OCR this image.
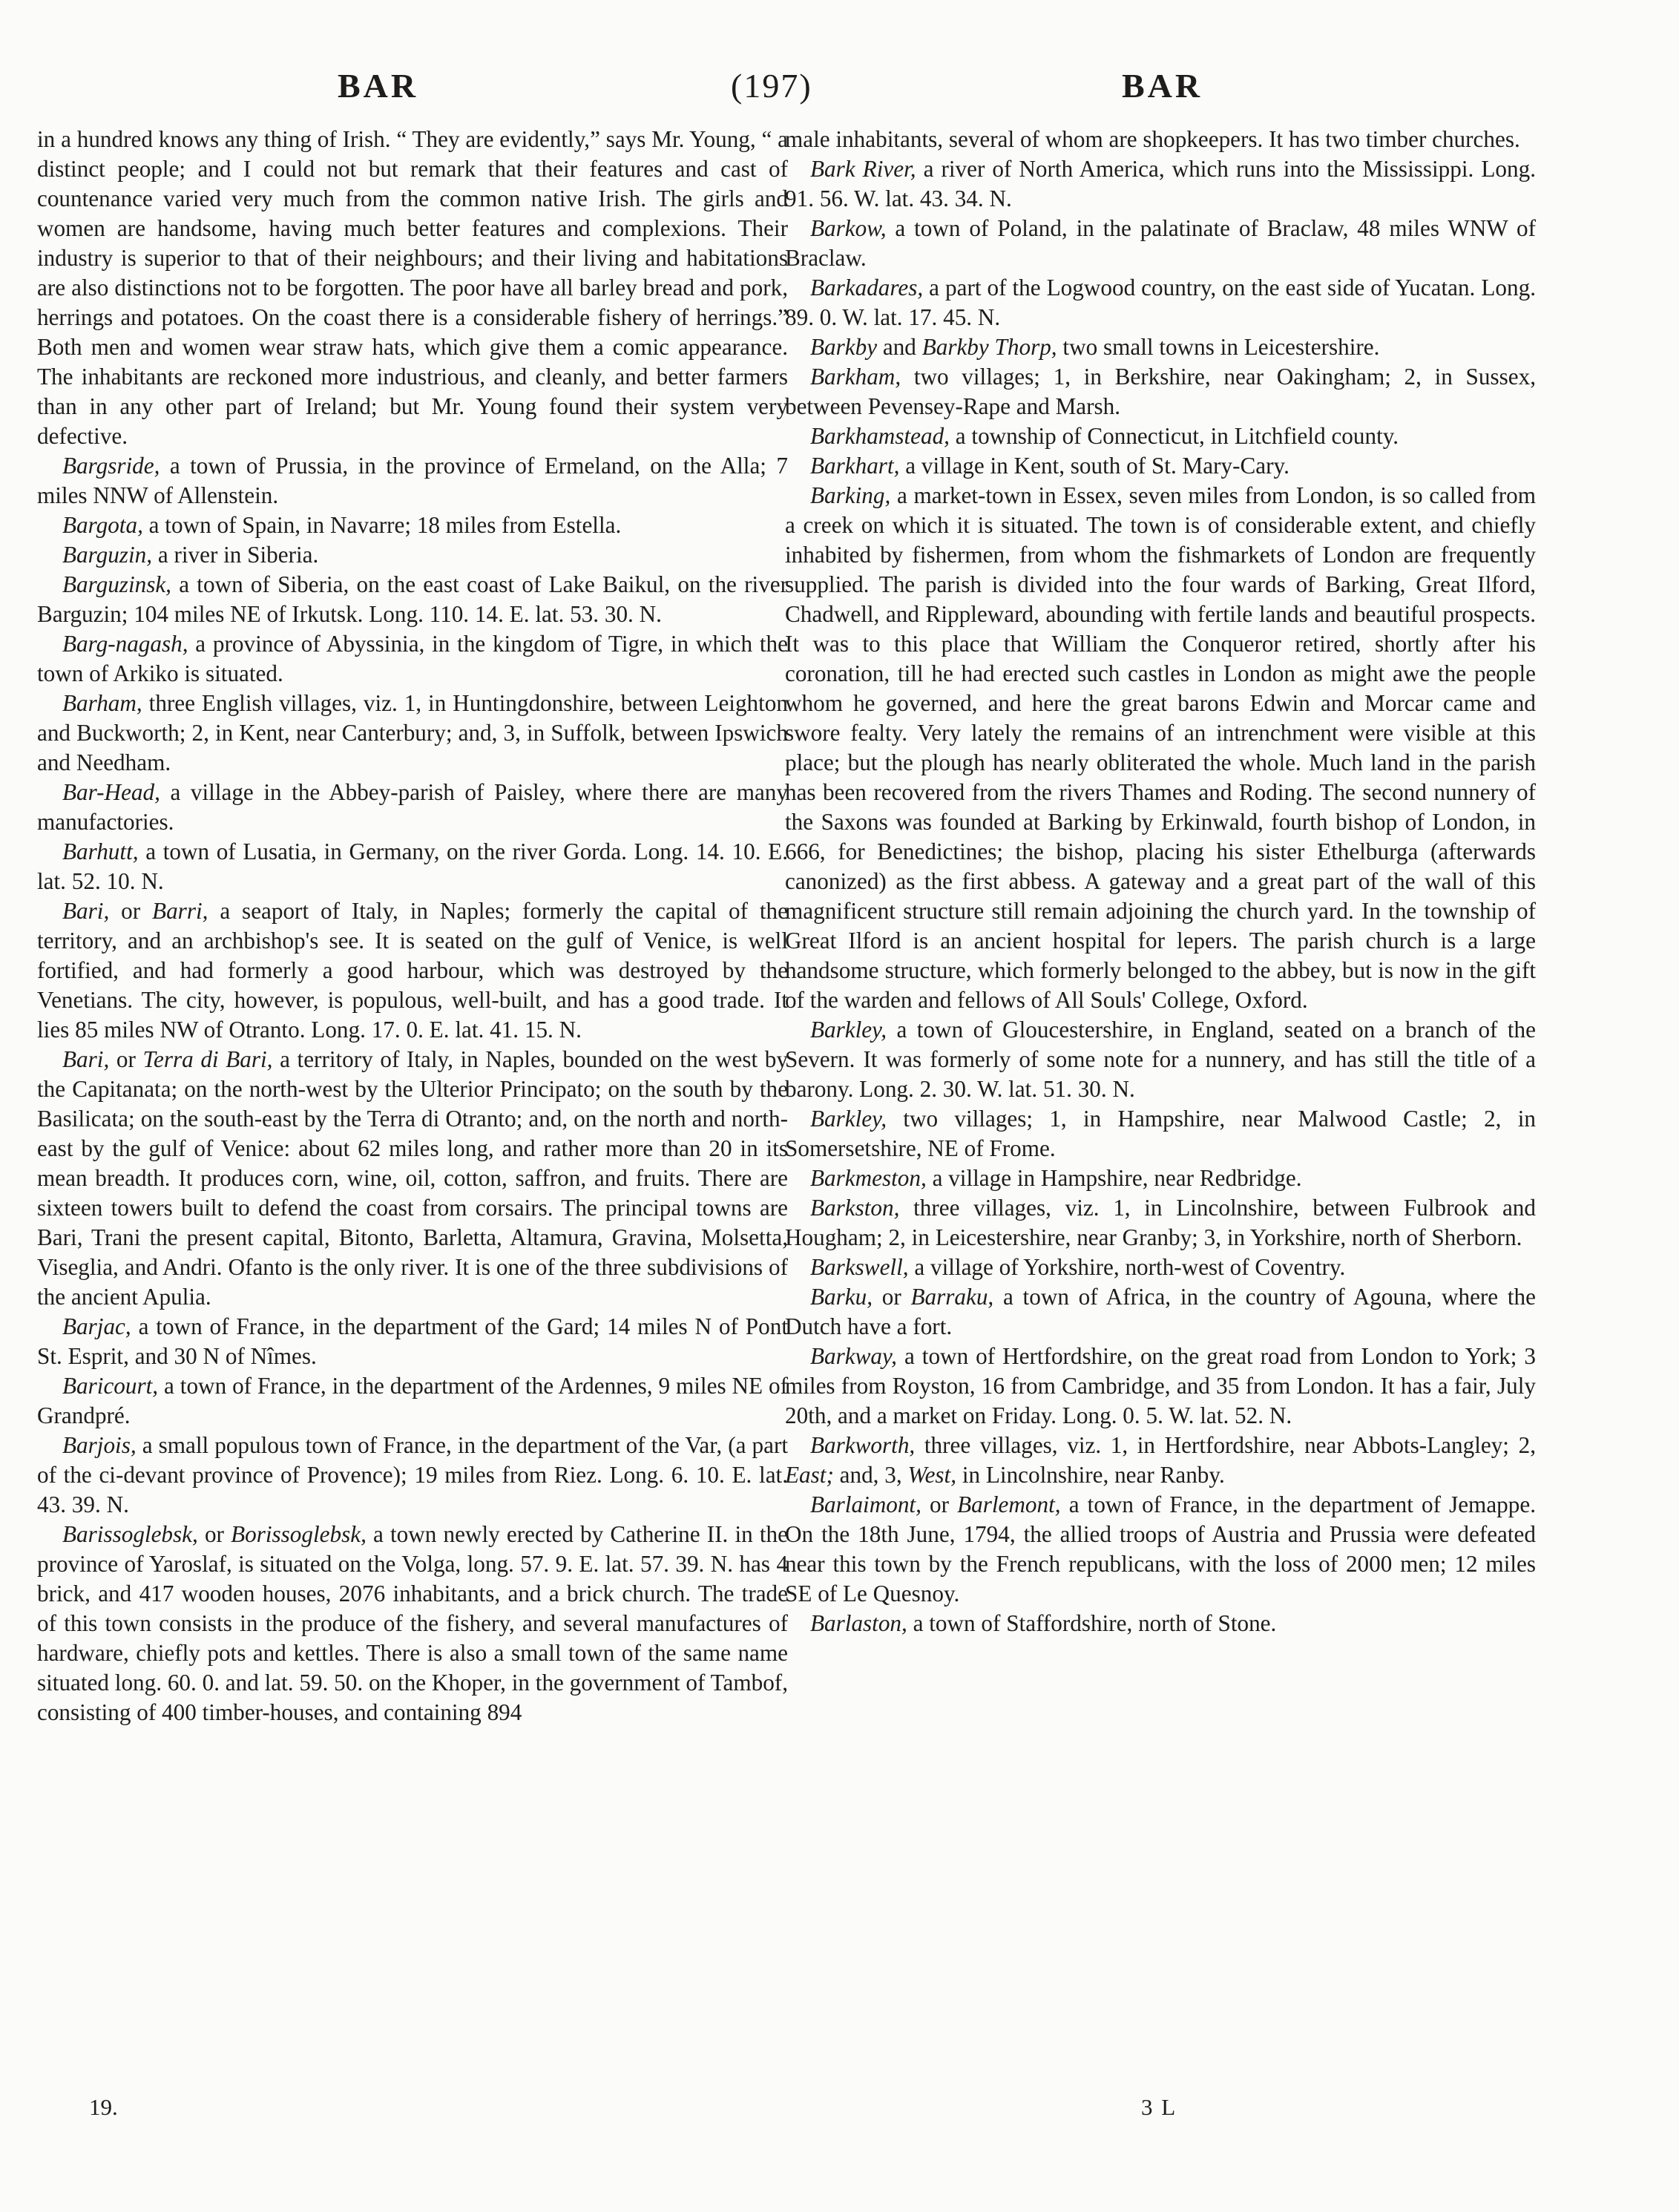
BAR	(197)	BAR

in a hundred knows any thing of Irish. “ They are evidently,” says Mr. Young, “ a distinct people; and I could not but remark that their features and cast of countenance varied very much from the common native Irish. The girls and women are handsome, having much better features and complexions. Their industry is superior to that of their neighbours; and their living and habitations are also distinctions not to be forgotten. The poor have all barley bread and pork, herrings and potatoes. On the coast there is a considerable fishery of herrings.” Both men and women wear straw hats, which give them a comic appearance. The inhabitants are reckoned more industrious, and cleanly, and better farmers than in any other part of Ireland; but Mr. Young found their system very defective.

Bargsride, a town of Prussia, in the province of Ermeland, on the Alla; 7 miles NNW of Allenstein.

Bargota, a town of Spain, in Navarre; 18 miles from Estella.

Barguzin, a river in Siberia.

Barguzinsk, a town of Siberia, on the east coast of Lake Baikul, on the river Barguzin; 104 miles NE of Irkutsk. Long. 110. 14. E. lat. 53. 30. N.

Barg-nagash, a province of Abyssinia, in the kingdom of Tigre, in which the town of Arkiko is situated.

Barham, three English villages, viz. 1, in Huntingdonshire, between Leighton and Buckworth; 2, in Kent, near Canterbury; and, 3, in Suffolk, between Ipswich and Needham.

Bar-Head, a village in the Abbey-parish of Paisley, where there are many manufactories.

Barhutt, a town of Lusatia, in Germany, on the river Gorda. Long. 14. 10. E. lat. 52. 10. N.

Bari, or Barri, a seaport of Italy, in Naples; formerly the capital of the territory, and an archbishop's see. It is seated on the gulf of Venice, is well fortified, and had formerly a good harbour, which was destroyed by the Venetians. The city, however, is populous, well-built, and has a good trade. It lies 85 miles NW of Otranto. Long. 17. 0. E. lat. 41. 15. N.

Bari, or Terra di Bari, a territory of Italy, in Naples, bounded on the west by the Capitanata; on the north-west by the Ulterior Principato; on the south by the Basilicata; on the south-east by the Terra di Otranto; and, on the north and north-east by the gulf of Venice: about 62 miles long, and rather more than 20 in its mean breadth. It produces corn, wine, oil, cotton, saffron, and fruits. There are sixteen towers built to defend the coast from corsairs. The principal towns are Bari, Trani the present capital, Bitonto, Barletta, Altamura, Gravina, Molsetta, Viseglia, and Andri. Ofanto is the only river. It is one of the three subdivisions of the ancient Apulia.

Barjac, a town of France, in the department of the Gard; 14 miles N of Pont St. Esprit, and 30 N of Nîmes.

Baricourt, a town of France, in the department of the Ardennes, 9 miles NE of Grandpré.

Barjois, a small populous town of France, in the department of the Var, (a part of the ci-devant province of Provence); 19 miles from Riez. Long. 6. 10. E. lat. 43. 39. N.

Barissoglebsk, or Borissoglebsk, a town newly erected by Catherine II. in the province of Yaroslaf, is situated on the Volga, long. 57. 9. E. lat. 57. 39. N. has 4 brick, and 417 wooden houses, 2076 inhabitants, and a brick church. The trade of this town consists in the produce of the fishery, and several manufactures of hardware, chiefly pots and kettles. There is also a small town of the same name situated long. 60. 0. and lat. 59. 50. on the Khoper, in the government of Tambof, consisting of 400 timber-houses, and containing 894

male inhabitants, several of whom are shopkeepers. It has two timber churches.

Bark River, a river of North America, which runs into the Mississippi. Long. 91. 56. W. lat. 43. 34. N.

Barkow, a town of Poland, in the palatinate of Braclaw, 48 miles WNW of Braclaw.

Barkadares, a part of the Logwood country, on the east side of Yucatan. Long. 89. 0. W. lat. 17. 45. N.

Barkby and Barkby Thorp, two small towns in Leicestershire.

Barkham, two villages; 1, in Berkshire, near Oakingham; 2, in Sussex, between Pevensey-Rape and Marsh.

Barkhamstead, a township of Connecticut, in Litchfield county.

Barkhart, a village in Kent, south of St. Mary-Cary.

Barking, a market-town in Essex, seven miles from London, is so called from a creek on which it is situated. The town is of considerable extent, and chiefly inhabited by fishermen, from whom the fishmarkets of London are frequently supplied. The parish is divided into the four wards of Barking, Great Ilford, Chadwell, and Rippleward, abounding with fertile lands and beautiful prospects. It was to this place that William the Conqueror retired, shortly after his coronation, till he had erected such castles in London as might awe the people whom he governed, and here the great barons Edwin and Morcar came and swore fealty. Very lately the remains of an intrenchment were visible at this place; but the plough has nearly obliterated the whole. Much land in the parish has been recovered from the rivers Thames and Roding. The second nunnery of the Saxons was founded at Barking by Erkinwald, fourth bishop of London, in 666, for Benedictines; the bishop, placing his sister Ethelburga (afterwards canonized) as the first abbess. A gateway and a great part of the wall of this magnificent structure still remain adjoining the church yard. In the township of Great Ilford is an ancient hospital for lepers. The parish church is a large handsome structure, which formerly belonged to the abbey, but is now in the gift of the warden and fellows of All Souls' College, Oxford.

Barkley, a town of Gloucestershire, in England, seated on a branch of the Severn. It was formerly of some note for a nunnery, and has still the title of a barony. Long. 2. 30. W. lat. 51. 30. N.

Barkley, two villages; 1, in Hampshire, near Malwood Castle; 2, in Somersetshire, NE of Frome.

Barkmeston, a village in Hampshire, near Redbridge.

Barkston, three villages, viz. 1, in Lincolnshire, between Fulbrook and Hougham; 2, in Leicestershire, near Granby; 3, in Yorkshire, north of Sherborn.

Barkswell, a village of Yorkshire, north-west of Coventry.

Barku, or Barraku, a town of Africa, in the country of Agouna, where the Dutch have a fort.

Barkway, a town of Hertfordshire, on the great road from London to York; 3 miles from Royston, 16 from Cambridge, and 35 from London. It has a fair, July 20th, and a market on Friday. Long. 0. 5. W. lat. 52. N.

Barkworth, three villages, viz. 1, in Hertfordshire, near Abbots-Langley; 2, East; and, 3, West, in Lincolnshire, near Ranby.

Barlaimont, or Barlemont, a town of France, in the department of Jemappe. On the 18th June, 1794, the allied troops of Austria and Prussia were defeated near this town by the French republicans, with the loss of 2000 men; 12 miles SE of Le Quesnoy.

Barlaston, a town of Staffordshire, north of Stone.

19.	3 L
